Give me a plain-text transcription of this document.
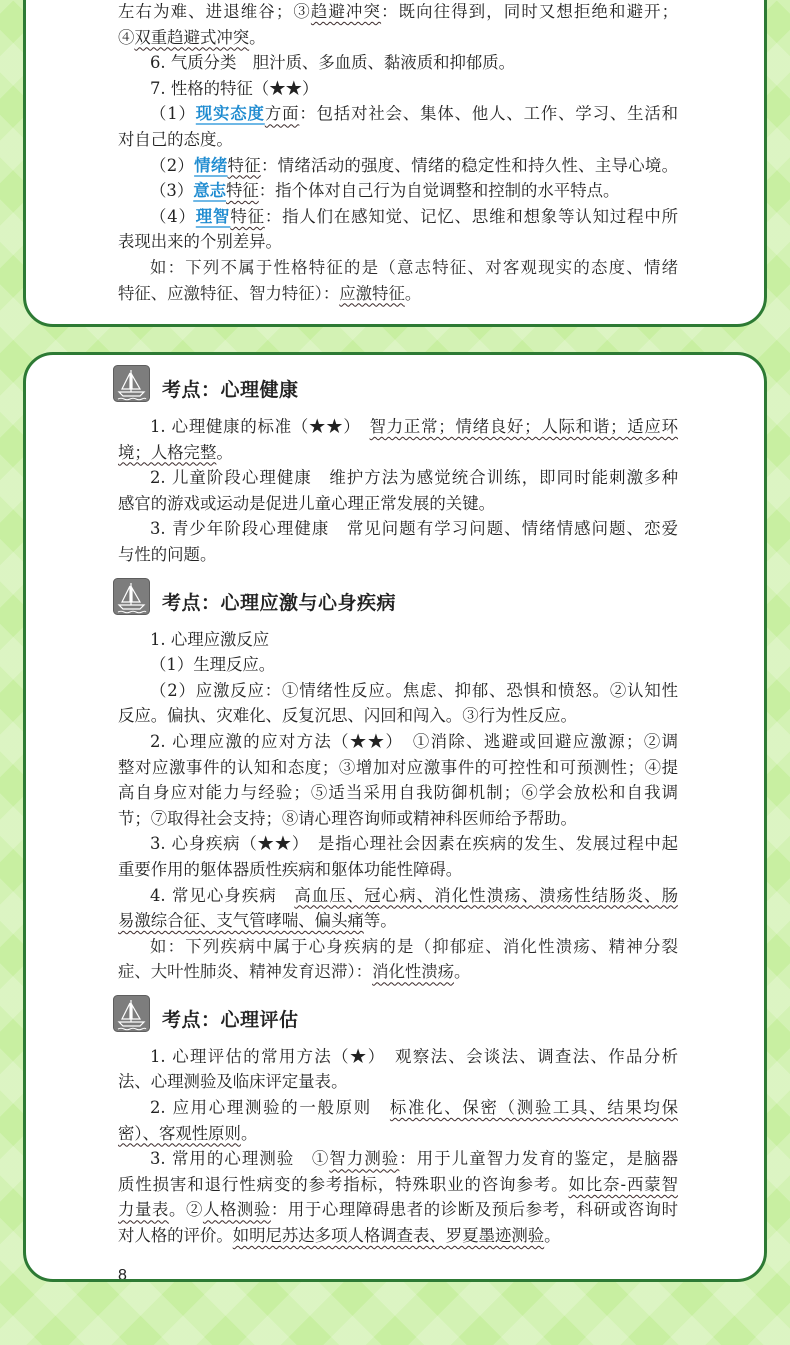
左右为难、进退维谷；③趋避冲突：既向往得到，同时又想拒绝和避开；
④双重趋避式冲突。
6. 气质分类　胆汁质、多血质、黏液质和抑郁质。
7. 性格的特征（★★）
（1）现实态度方面：包括对社会、集体、他人、工作、学习、生活和
对自己的态度。
（2）情绪特征：情绪活动的强度、情绪的稳定性和持久性、主导心境。
（3）意志特征：指个体对自己行为自觉调整和控制的水平特点。
（4）理智特征：指人们在感知觉、记忆、思维和想象等认知过程中所
表现出来的个别差异。
如：下列不属于性格特征的是（意志特征、对客观现实的态度、情绪
特征、应激特征、智力特征）：应激特征。
考点：心理健康
1. 心理健康的标准（★★）　智力正常；情绪良好；人际和谐；适应环
境；人格完整。
2. 儿童阶段心理健康　维护方法为感觉统合训练，即同时能刺激多种
感官的游戏或运动是促进儿童心理正常发展的关键。
3. 青少年阶段心理健康　常见问题有学习问题、情绪情感问题、恋爱
与性的问题。
考点：心理应激与心身疾病
1. 心理应激反应
（1）生理反应。
（2）应激反应：①情绪性反应。焦虑、抑郁、恐惧和愤怒。②认知性
反应。偏执、灾难化、反复沉思、闪回和闯入。③行为性反应。
2. 心理应激的应对方法（★★）　①消除、逃避或回避应激源；②调
整对应激事件的认知和态度；③增加对应激事件的可控性和可预测性；④提
高自身应对能力与经验；⑤适当采用自我防御机制；⑥学会放松和自我调
节；⑦取得社会支持；⑧请心理咨询师或精神科医师给予帮助。
3. 心身疾病（★★）　是指心理社会因素在疾病的发生、发展过程中起
重要作用的躯体器质性疾病和躯体功能性障碍。
4. 常见心身疾病　高血压、冠心病、消化性溃疡、溃疡性结肠炎、肠
易激综合征、支气管哮喘、偏头痛等。
如：下列疾病中属于心身疾病的是（抑郁症、消化性溃疡、精神分裂
症、大叶性肺炎、精神发育迟滞）：消化性溃疡。
考点：心理评估
1. 心理评估的常用方法（★）　观察法、会谈法、调查法、作品分析
法、心理测验及临床评定量表。
2. 应用心理测验的一般原则　标准化、保密（测验工具、结果均保
密）、客观性原则。
3. 常用的心理测验　①智力测验：用于儿童智力发育的鉴定，是脑器
质性损害和退行性病变的参考指标，特殊职业的咨询参考。如比奈-西蒙智
力量表。②人格测验：用于心理障碍患者的诊断及预后参考，科研或咨询时
对人格的评价。如明尼苏达多项人格调查表、罗夏墨迹测验。
8
